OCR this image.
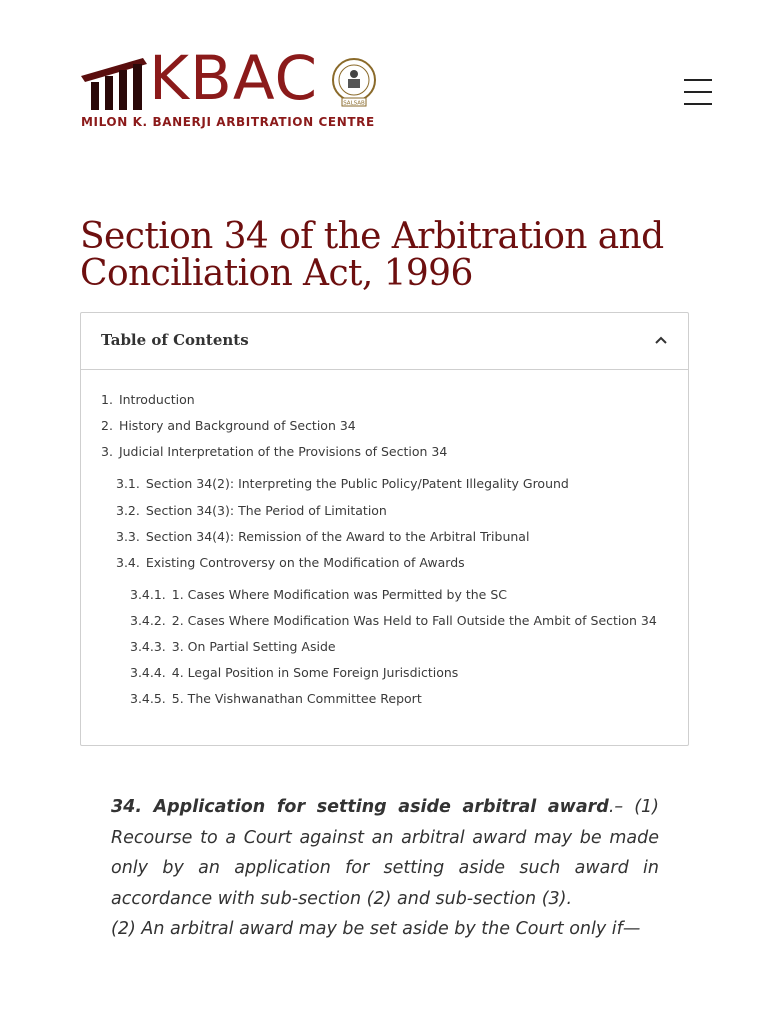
KBAC	SALSAB
MILON K. BANERJI ARBITRATION CENTRE
Section 34 of the Arbitration and Conciliation Act, 1996
Table of Contents
1. Introduction
2. History and Background of Section 34
3. Judicial Interpretation of the Provisions of Section 34
3.1. Section 34(2): Interpreting the Public Policy/Patent Illegality Ground
3.2. Section 34(3): The Period of Limitation
3.3. Section 34(4): Remission of the Award to the Arbitral Tribunal
3.4. Existing Controversy on the Modification of Awards
3.4.1. 1. Cases Where Modification was Permitted by the SC
3.4.2. 2. Cases Where Modification Was Held to Fall Outside the Ambit of Section 34
3.4.3. 3. On Partial Setting Aside
3.4.4. 4. Legal Position in Some Foreign Jurisdictions
3.4.5. 5. The Vishwanathan Committee Report

34. Application for setting aside arbitral award.– (1) Recourse to a Court against an arbitral award may be made only by an application for setting aside such award in accordance with sub-section (2) and sub-section (3).

(2) An arbitral award may be set aside by the Court only if—
